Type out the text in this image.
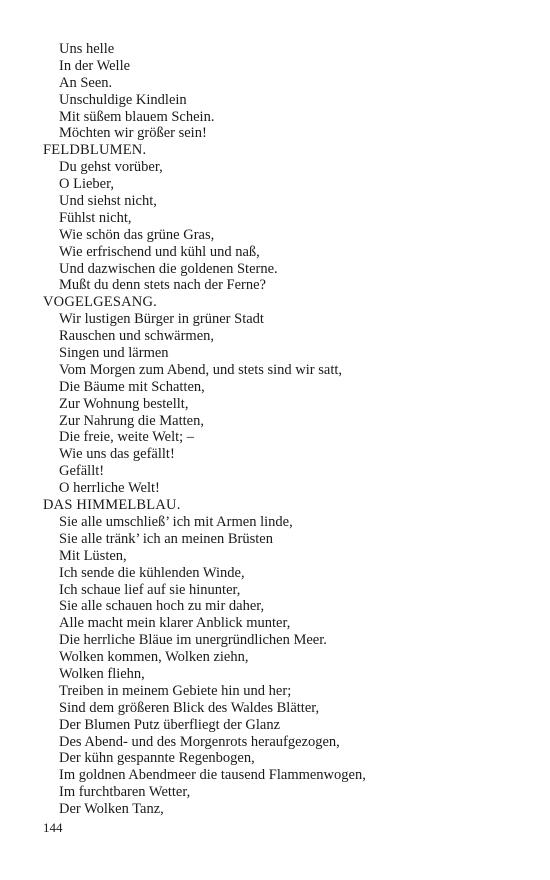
Uns helle
In der Welle
An Seen.
Unschuldige Kindlein
Mit süßem blauem Schein.
Möchten wir größer sein!
FELDBLUMEN.
Du gehst vorüber,
O Lieber,
Und siehst nicht,
Fühlst nicht,
Wie schön das grüne Gras,
Wie erfrischend und kühl und naß,
Und dazwischen die goldenen Sterne.
Mußt du denn stets nach der Ferne?
VOGELGESANG.
Wir lustigen Bürger in grüner Stadt
Rauschen und schwärmen,
Singen und lärmen
Vom Morgen zum Abend, und stets sind wir satt,
Die Bäume mit Schatten,
Zur Wohnung bestellt,
Zur Nahrung die Matten,
Die freie, weite Welt; –
Wie uns das gefällt!
Gefällt!
O herrliche Welt!
DAS HIMMELBLAU.
Sie alle umschließ’ ich mit Armen linde,
Sie alle tränk’ ich an meinen Brüsten
Mit Lüsten,
Ich sende die kühlenden Winde,
Ich schaue lief auf sie hinunter,
Sie alle schauen hoch zu mir daher,
Alle macht mein klarer Anblick munter,
Die herrliche Bläue im unergründlichen Meer.
Wolken kommen, Wolken ziehn,
Wolken fliehn,
Treiben in meinem Gebiete hin und her;
Sind dem größeren Blick des Waldes Blätter,
Der Blumen Putz überfliegt der Glanz
Des Abend- und des Morgenrots heraufgezogen,
Der kühn gespannte Regenbogen,
Im goldnen Abendmeer die tausend Flammenwogen,
Im furchtbaren Wetter,
Der Wolken Tanz,
144
